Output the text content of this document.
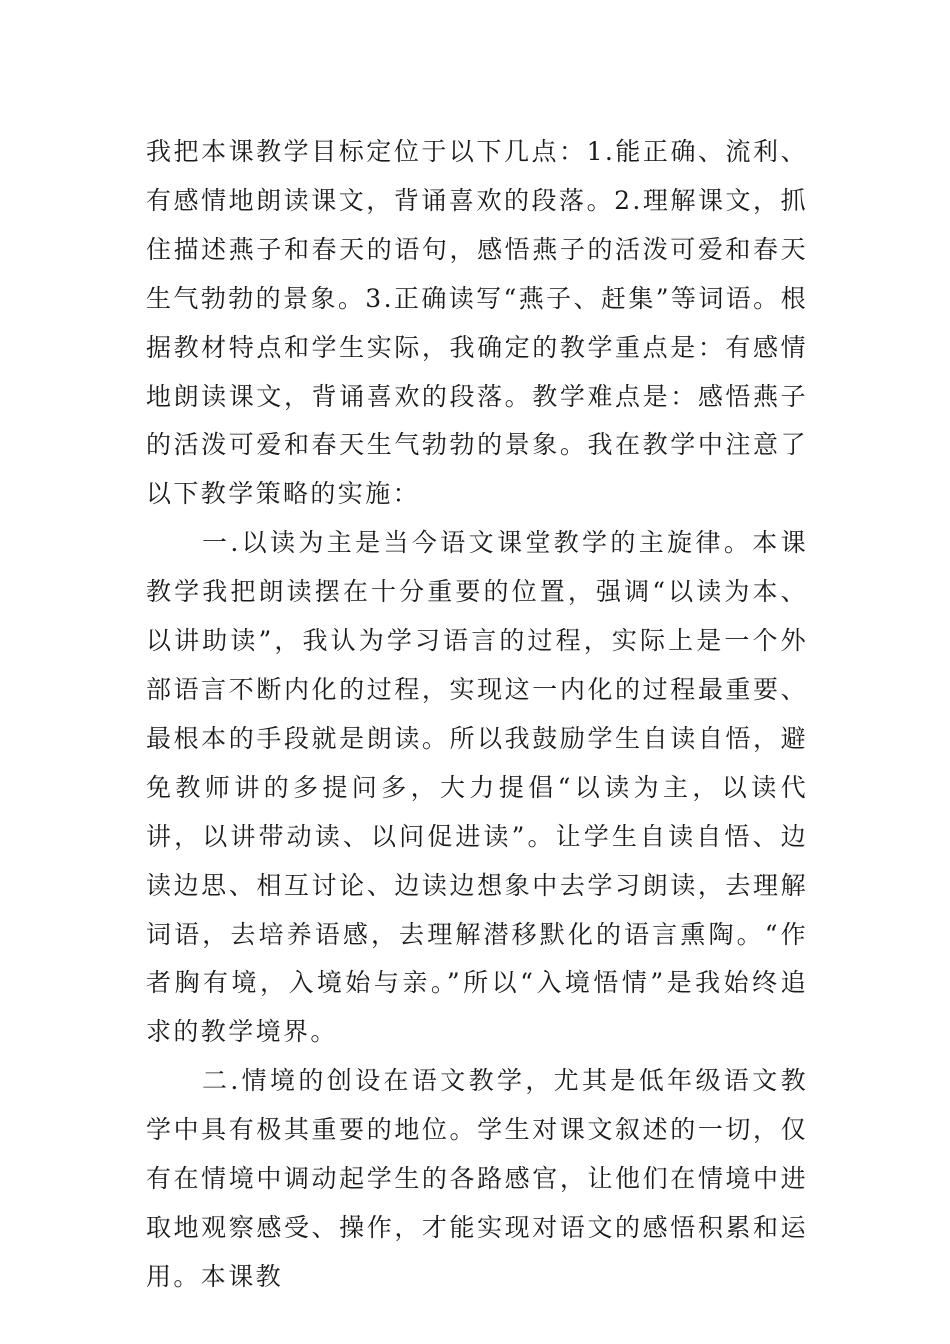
我把本课教学目标定位于以下几点：1.能正确、流利、有感情地朗读课文，背诵喜欢的段落。2.理解课文，抓住描述燕子和春天的语句，感悟燕子的活泼可爱和春天生气勃勃的景象。3.正确读写“燕子、赶集”等词语。根据教材特点和学生实际，我确定的教学重点是：有感情地朗读课文，背诵喜欢的段落。教学难点是：感悟燕子的活泼可爱和春天生气勃勃的景象。我在教学中注意了以下教学策略的实施：

一.以读为主是当今语文课堂教学的主旋律。本课教学我把朗读摆在十分重要的位置，强调“以读为本、以讲助读”，我认为学习语言的过程，实际上是一个外部语言不断内化的过程，实现这一内化的过程最重要、最根本的手段就是朗读。所以我鼓励学生自读自悟，避免教师讲的多提问多，大力提倡“以读为主，以读代讲，以讲带动读、以问促进读”。让学生自读自悟、边读边思、相互讨论、边读边想象中去学习朗读，去理解词语，去培养语感，去理解潜移默化的语言熏陶。“作者胸有境，入境始与亲。”所以“入境悟情”是我始终追求的教学境界。

二.情境的创设在语文教学，尤其是低年级语文教学中具有极其重要的地位。学生对课文叙述的一切，仅有在情境中调动起学生的各路感官，让他们在情境中进取地观察感受、操作，才能实现对语文的感悟积累和运用。本课教
